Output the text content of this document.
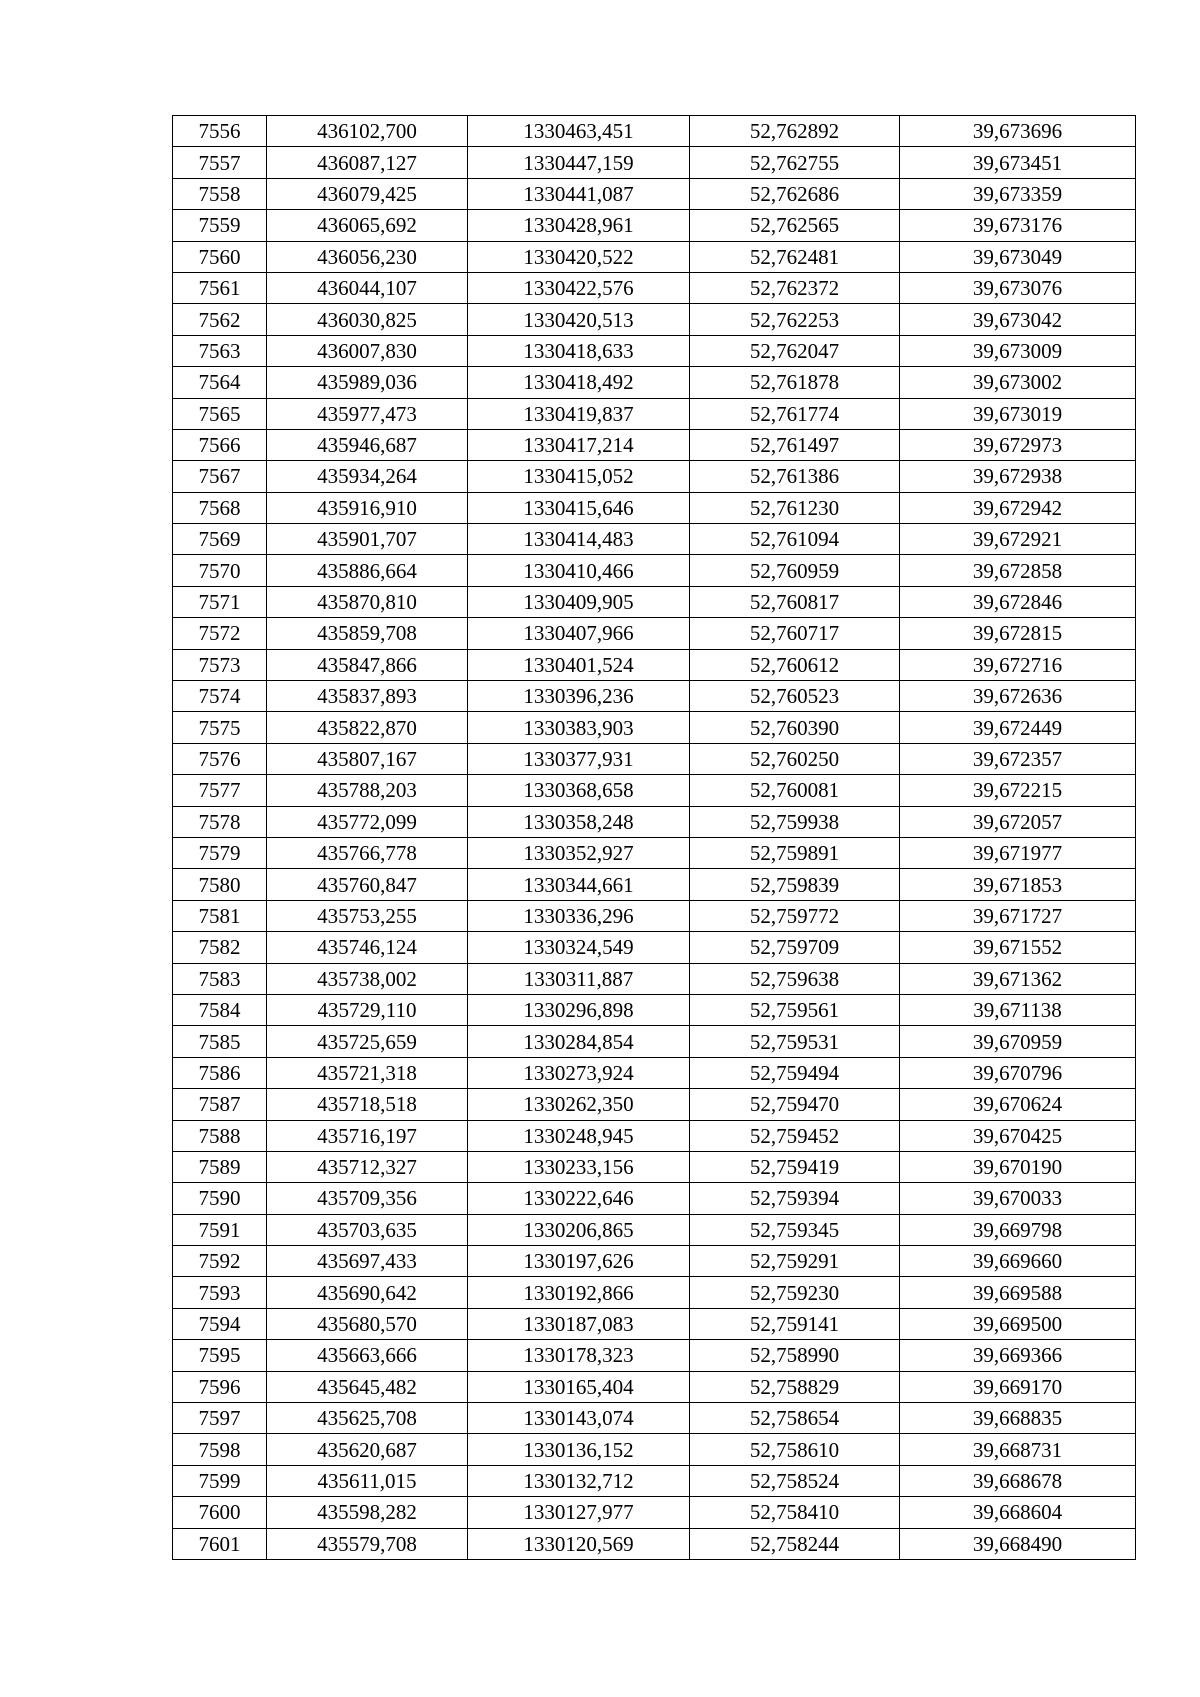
7556	436102,700	1330463,451	52,762892	39,673696
7557	436087,127	1330447,159	52,762755	39,673451
7558	436079,425	1330441,087	52,762686	39,673359
7559	436065,692	1330428,961	52,762565	39,673176
7560	436056,230	1330420,522	52,762481	39,673049
7561	436044,107	1330422,576	52,762372	39,673076
7562	436030,825	1330420,513	52,762253	39,673042
7563	436007,830	1330418,633	52,762047	39,673009
7564	435989,036	1330418,492	52,761878	39,673002
7565	435977,473	1330419,837	52,761774	39,673019
7566	435946,687	1330417,214	52,761497	39,672973
7567	435934,264	1330415,052	52,761386	39,672938
7568	435916,910	1330415,646	52,761230	39,672942
7569	435901,707	1330414,483	52,761094	39,672921
7570	435886,664	1330410,466	52,760959	39,672858
7571	435870,810	1330409,905	52,760817	39,672846
7572	435859,708	1330407,966	52,760717	39,672815
7573	435847,866	1330401,524	52,760612	39,672716
7574	435837,893	1330396,236	52,760523	39,672636
7575	435822,870	1330383,903	52,760390	39,672449
7576	435807,167	1330377,931	52,760250	39,672357
7577	435788,203	1330368,658	52,760081	39,672215
7578	435772,099	1330358,248	52,759938	39,672057
7579	435766,778	1330352,927	52,759891	39,671977
7580	435760,847	1330344,661	52,759839	39,671853
7581	435753,255	1330336,296	52,759772	39,671727
7582	435746,124	1330324,549	52,759709	39,671552
7583	435738,002	1330311,887	52,759638	39,671362
7584	435729,110	1330296,898	52,759561	39,671138
7585	435725,659	1330284,854	52,759531	39,670959
7586	435721,318	1330273,924	52,759494	39,670796
7587	435718,518	1330262,350	52,759470	39,670624
7588	435716,197	1330248,945	52,759452	39,670425
7589	435712,327	1330233,156	52,759419	39,670190
7590	435709,356	1330222,646	52,759394	39,670033
7591	435703,635	1330206,865	52,759345	39,669798
7592	435697,433	1330197,626	52,759291	39,669660
7593	435690,642	1330192,866	52,759230	39,669588
7594	435680,570	1330187,083	52,759141	39,669500
7595	435663,666	1330178,323	52,758990	39,669366
7596	435645,482	1330165,404	52,758829	39,669170
7597	435625,708	1330143,074	52,758654	39,668835
7598	435620,687	1330136,152	52,758610	39,668731
7599	435611,015	1330132,712	52,758524	39,668678
7600	435598,282	1330127,977	52,758410	39,668604
7601	435579,708	1330120,569	52,758244	39,668490
